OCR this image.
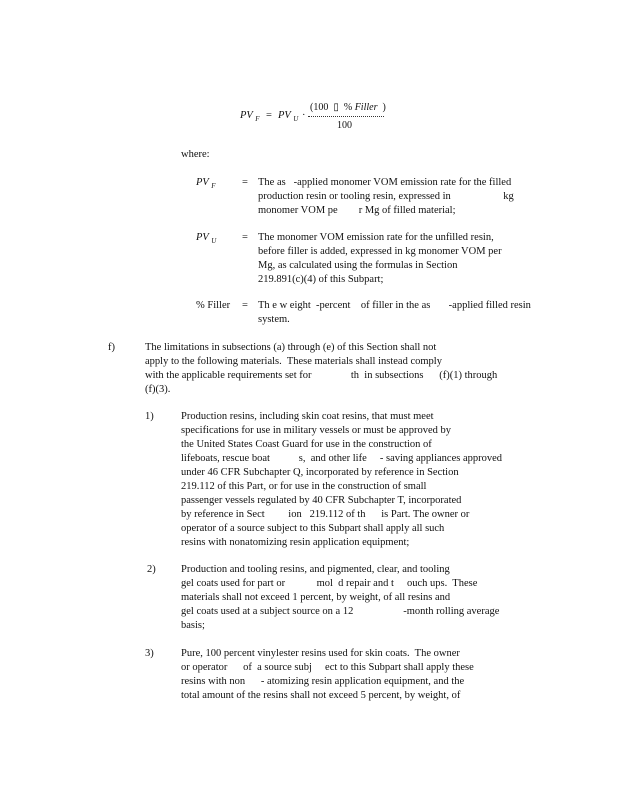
PV $_F$ = PV $_U$ ·
(100 ▯ % Filler )
100
where:
PV $_F$	= The as   -applied monomer VOM emission rate for the filled
production resin or tooling resin, expressed in                    kg
monomer VOM pe        r Mg of filled material;
PV $_U$ = The monomer VOM emission rate for the unfilled resin,
before filler is added, expressed in kg monomer VOM per
Mg, as calculated using the formulas in Section
219.891(c)(4) of this Subpart;
% Filler = Th e w eight  -percent    of filler in the as       -applied filled resin
system.
f)	The limitations in subsections (a) through (e) of this Section shall not
apply to the following materials.  These materials shall instead comply
with the applicable requirements set for               th  in subsections      (f)(1) through
(f)(3).
1)	Production resins, including skin coat resins, that must meet
specifications for use in military vessels or must be approved by
the United States Coast Guard for use in the construction of
lifeboats, rescue boat           s,  and other life     - saving appliances approved
under 46 CFR Subchapter Q, incorporated by reference in Section
219.112 of this Part, or for use in the construction of small
passenger vessels regulated by 40 CFR Subchapter T, incorporated
by reference in Sect         ion   219.112 of th      is Part. The owner or
operator of a source subject to this Subpart shall apply all such
resins with nonatomizing resin application equipment;
2) Production and tooling resins, and pigmented, clear, and tooling
gel coats used for part or            mol  d repair and t     ouch ups.  These
materials shall not exceed 1 percent, by weight, of all resins and
gel coats used at a subject source on a 12                   -month rolling average
basis;
3)	Pure, 100 percent vinylester resins used for skin coats.  The owner
or operator      of  a source subj     ect to this Subpart shall apply these
resins with non      - atomizing resin application equipment, and the
total amount of the resins shall not exceed 5 percent, by weight, of
